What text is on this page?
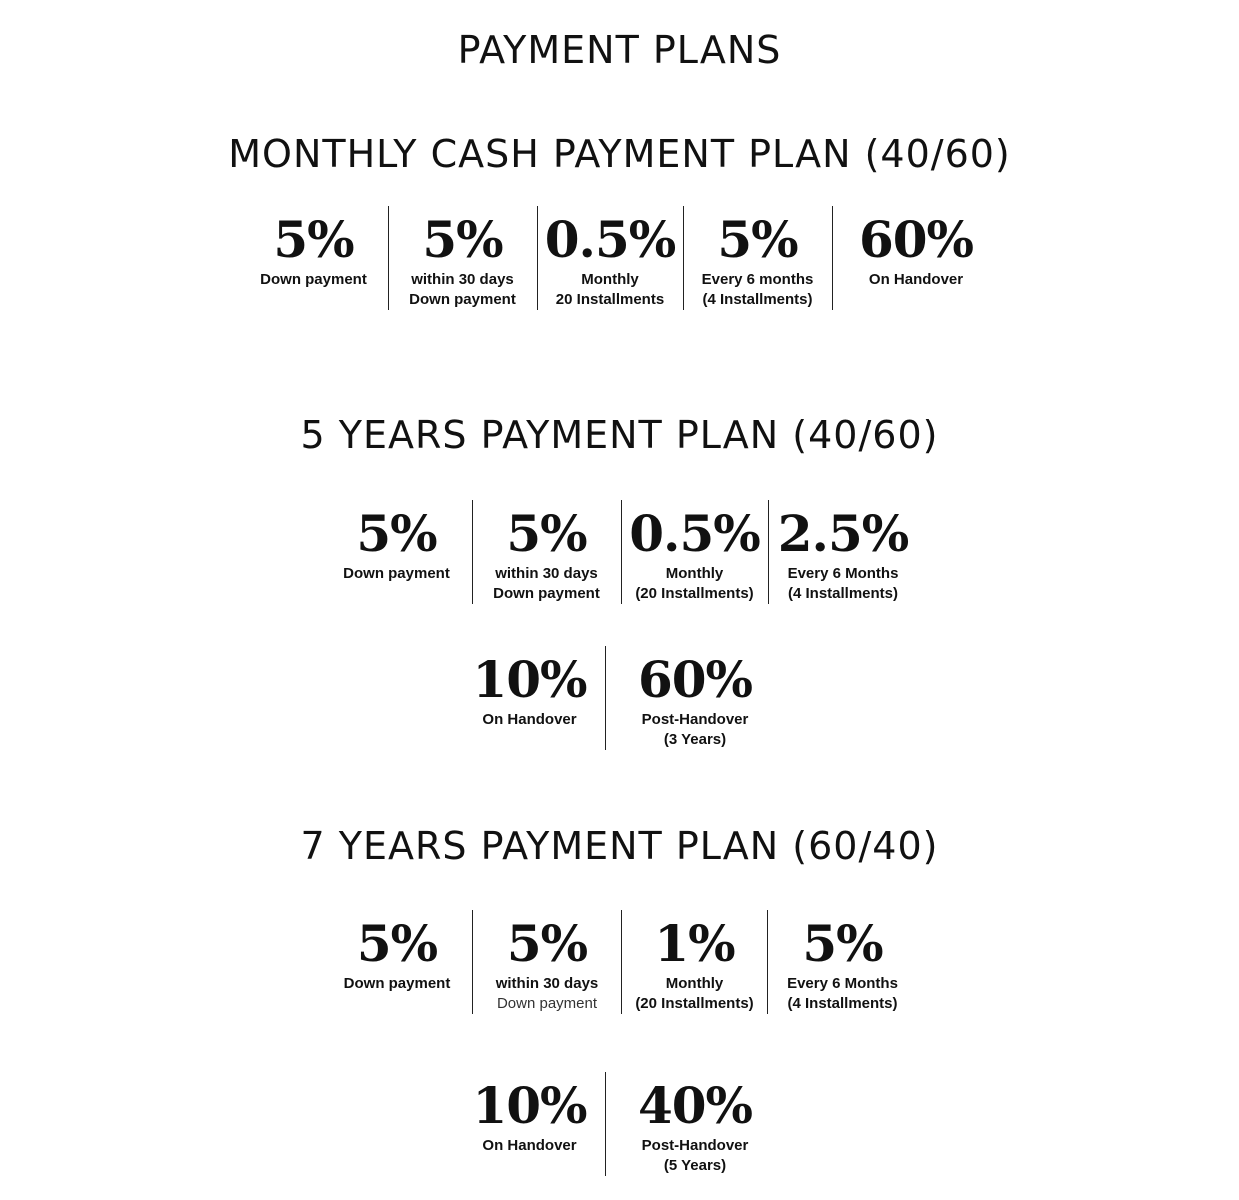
PAYMENT PLANS
MONTHLY CASH PAYMENT PLAN (40/60)
5%
Down payment
5%
within 30 days
Down payment
0.5%
Monthly
20 Installments
5%
Every 6 months
(4 Installments)
60%
On Handover
5 YEARS PAYMENT PLAN (40/60)
5%
Down payment
5%
within 30 days
Down payment
0.5%
Monthly
(20 Installments)
2.5%
Every 6 Months
(4 Installments)
10%
On Handover
60%
Post-Handover
(3 Years)
7 YEARS PAYMENT PLAN (60/40)
5%
Down payment
5%
within 30 days
Down payment
1%
Monthly
(20 Installments)
5%
Every 6 Months
(4 Installments)
10%
On Handover
40%
Post-Handover
(5 Years)
